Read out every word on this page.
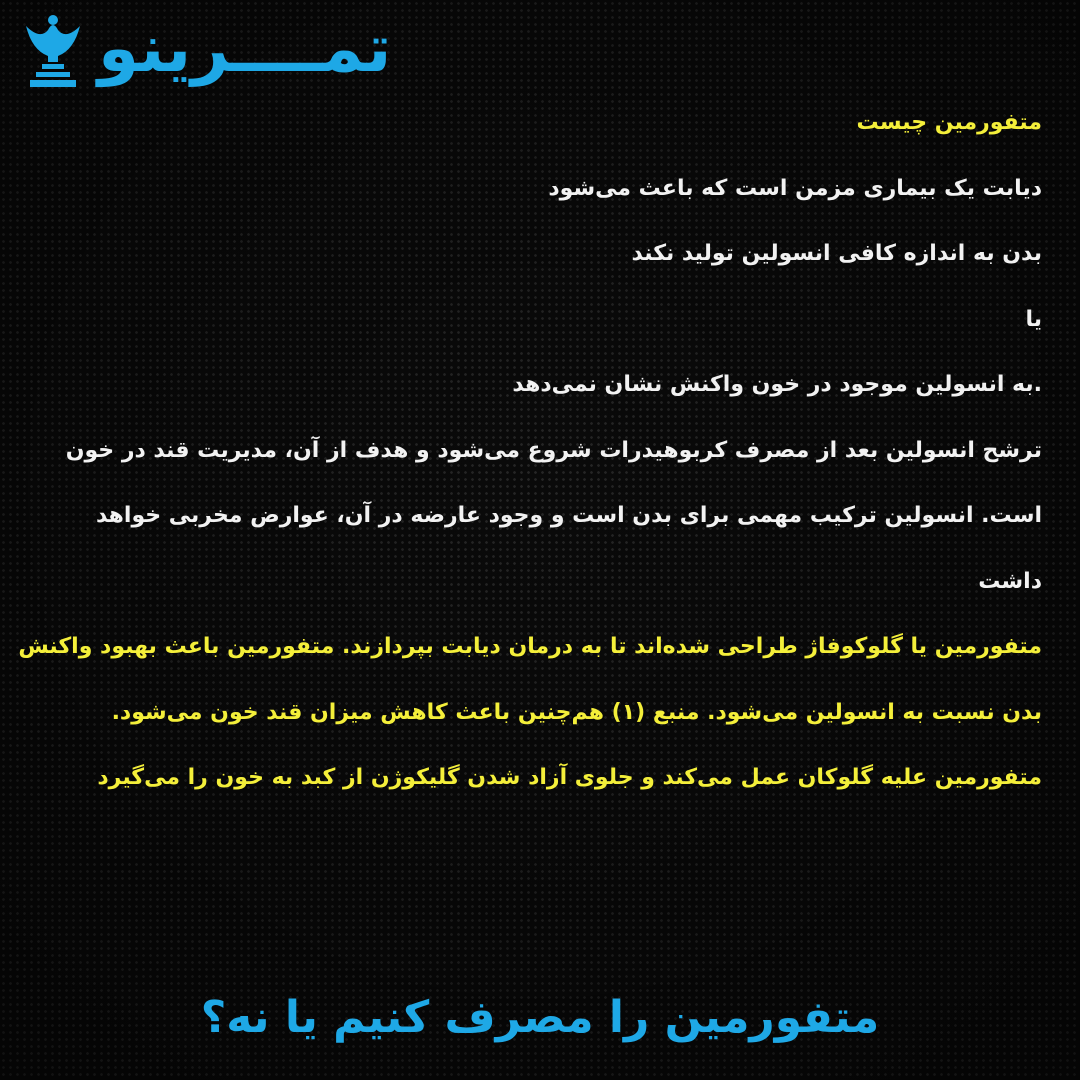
تمــــرینو
متفورمین چیست
دیابت یک بیماری مزمن است که باعث می‌شود
بدن به اندازه کافی انسولین تولید نکند
یا
.به انسولین موجود در خون واکنش نشان نمی‌دهد
ترشح انسولین بعد از مصرف کربوهیدرات شروع می‌شود و هدف از آن، مدیریت قند در خون
است. انسولین ترکیب مهمی برای بدن است و وجود عارضه در آن، عوارض مخربی خواهد
داشت
متفورمین یا گلوکوفاژ طراحی شده‌اند تا به درمان دیابت بپردازند. متفورمین باعث بهبود واکنش
بدن نسبت به انسولین می‌شود. منبع (۱) هم‌چنین باعث کاهش میزان قند خون می‌شود.
متفورمین علیه گلوکان عمل می‌کند و جلوی آزاد شدن گلیکوژن از کبد به خون را می‌گیرد
متفورمین را مصرف کنیم یا نه؟
